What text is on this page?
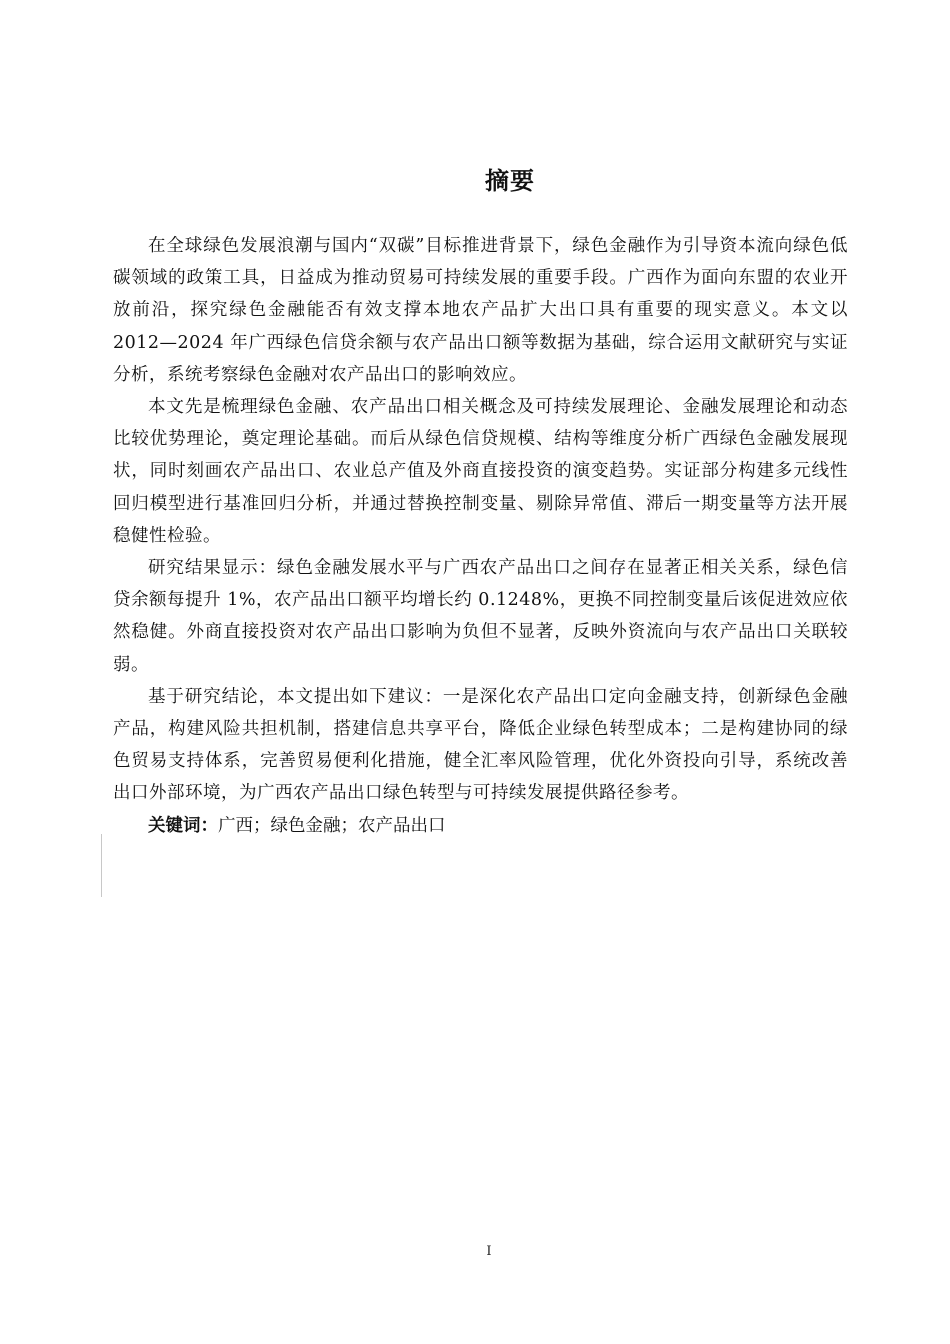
摘要

在全球绿色发展浪潮与国内“双碳”目标推进背景下，绿色金融作为引导资本流向绿色低碳领域的政策工具，日益成为推动贸易可持续发展的重要手段。广西作为面向东盟的农业开放前沿，探究绿色金融能否有效支撑本地农产品扩大出口具有重要的现实意义。本文以 2012—2024 年广西绿色信贷余额与农产品出口额等数据为基础，综合运用文献研究与实证分析，系统考察绿色金融对农产品出口的影响效应。

本文先是梳理绿色金融、农产品出口相关概念及可持续发展理论、金融发展理论和动态比较优势理论，奠定理论基础。而后从绿色信贷规模、结构等维度分析广西绿色金融发展现状，同时刻画农产品出口、农业总产值及外商直接投资的演变趋势。实证部分构建多元线性回归模型进行基准回归分析，并通过替换控制变量、剔除异常值、滞后一期变量等方法开展稳健性检验。

研究结果显示：绿色金融发展水平与广西农产品出口之间存在显著正相关关系，绿色信贷余额每提升 1%，农产品出口额平均增长约 0.1248%，更换不同控制变量后该促进效应依然稳健。外商直接投资对农产品出口影响为负但不显著，反映外资流向与农产品出口关联较弱。

基于研究结论，本文提出如下建议：一是深化农产品出口定向金融支持，创新绿色金融产品，构建风险共担机制，搭建信息共享平台，降低企业绿色转型成本；二是构建协同的绿色贸易支持体系，完善贸易便利化措施，健全汇率风险管理，优化外资投向引导，系统改善出口外部环境，为广西农产品出口绿色转型与可持续发展提供路径参考。

关键词：广西；绿色金融；农产品出口

I
